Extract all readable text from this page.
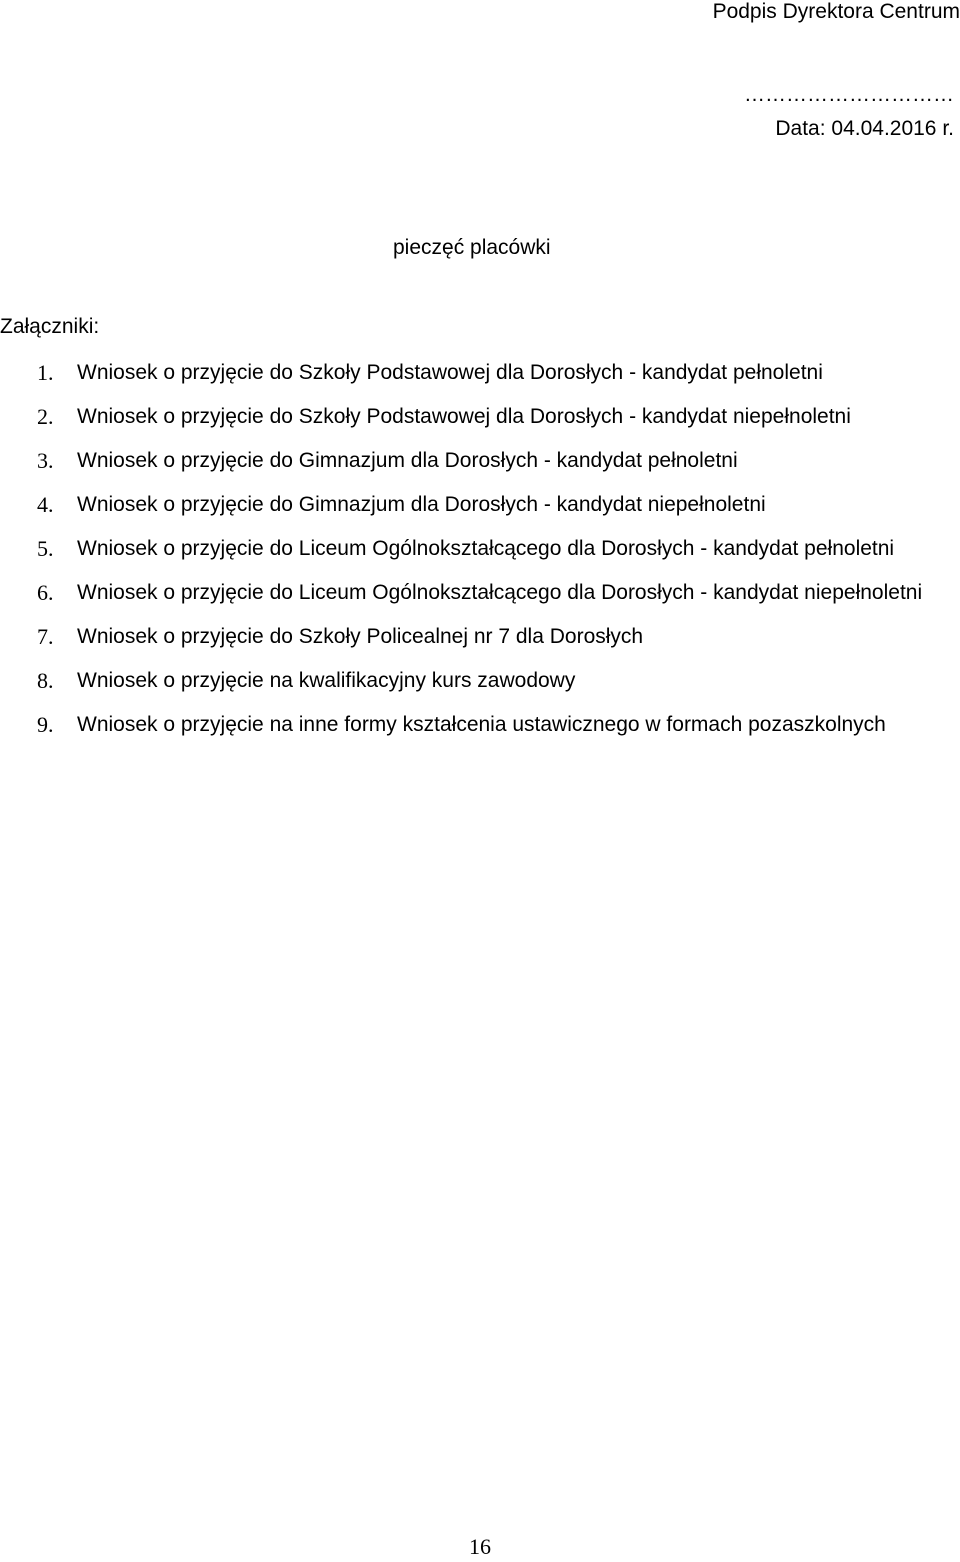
Podpis Dyrektora Centrum
…………………………
Data: 04.04.2016 r.
pieczęć placówki
Załączniki:
1. Wniosek o przyjęcie do Szkoły Podstawowej dla Dorosłych - kandydat pełnoletni
2. Wniosek o przyjęcie do Szkoły Podstawowej dla Dorosłych - kandydat niepełnoletni
3. Wniosek o przyjęcie do Gimnazjum dla Dorosłych - kandydat pełnoletni
4. Wniosek o przyjęcie do Gimnazjum dla Dorosłych - kandydat niepełnoletni
5. Wniosek o przyjęcie do Liceum Ogólnokształcącego dla Dorosłych - kandydat pełnoletni
6. Wniosek o przyjęcie do Liceum Ogólnokształcącego dla Dorosłych - kandydat niepełnoletni
7. Wniosek o przyjęcie do Szkoły Policealnej nr 7 dla Dorosłych
8. Wniosek o przyjęcie na kwalifikacyjny kurs zawodowy
9. Wniosek o przyjęcie na inne formy kształcenia ustawicznego w formach pozaszkolnych
16
